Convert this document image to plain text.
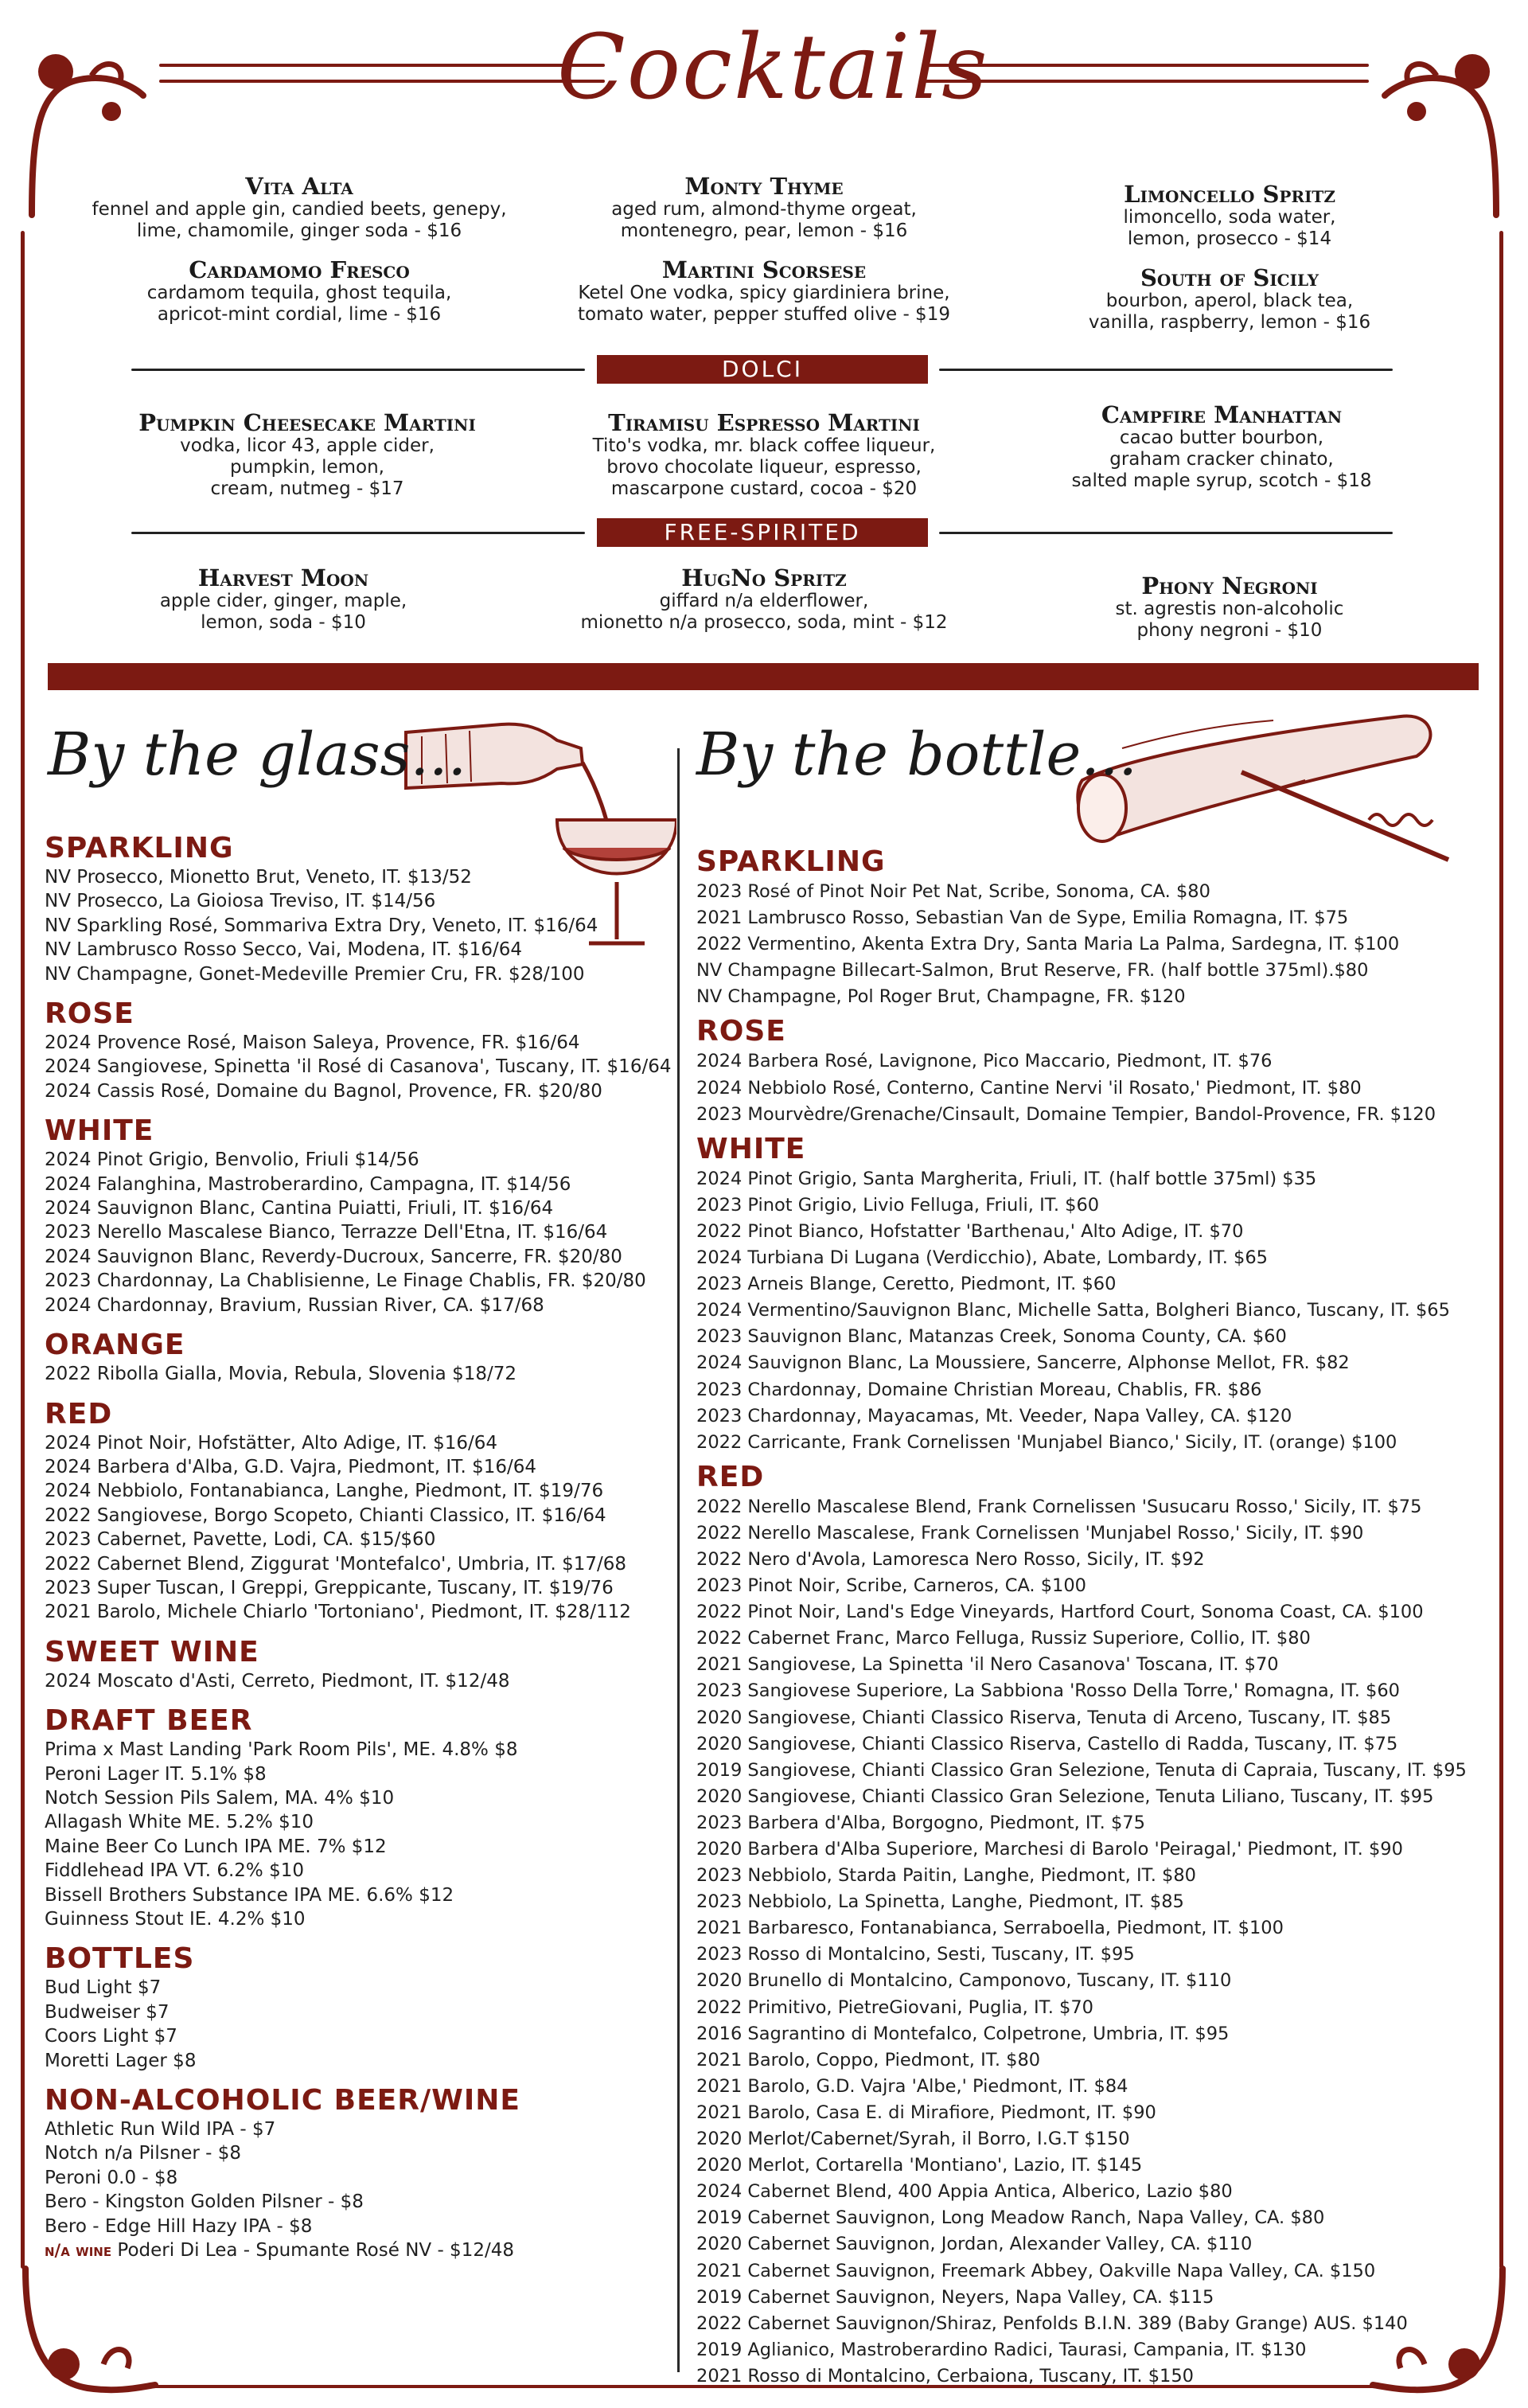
Cocktails
Vita Alta
fennel and apple gin, candied beets, genepy,
lime, chamomile, ginger soda - $16
Monty Thyme
aged rum, almond-thyme orgeat,
montenegro, pear, lemon - $16
Limoncello Spritz
limoncello, soda water,
lemon, prosecco - $14
Cardamomo Fresco
cardamom tequila, ghost tequila,
apricot-mint cordial, lime - $16
Martini Scorsese
Ketel One vodka, spicy giardiniera brine,
tomato water, pepper stuffed olive - $19
South of Sicily
bourbon, aperol, black tea,
vanilla, raspberry, lemon - $16
DOLCI
Pumpkin Cheesecake Martini
vodka, licor 43, apple cider,
pumpkin, lemon,
cream, nutmeg - $17
Tiramisu Espresso Martini
Tito's vodka, mr. black coffee liqueur,
brovo chocolate liqueur, espresso,
mascarpone custard, cocoa - $20
Campfire Manhattan
cacao butter bourbon,
graham cracker chinato,
salted maple syrup, scotch - $18
FREE-SPIRITED
Harvest Moon
apple cider, ginger, maple,
lemon, soda - $10
HugNo Spritz
giffard n/a elderflower,
mionetto n/a prosecco, soda, mint - $12
Phony Negroni
st. agrestis non-alcoholic
phony negroni - $10
By the glass...
SPARKLING
NV Prosecco, Mionetto Brut, Veneto, IT. $13/52
NV Prosecco, La Gioiosa Treviso, IT. $14/56
NV Sparkling Rosé, Sommariva Extra Dry, Veneto, IT. $16/64
NV Lambrusco Rosso Secco, Vai, Modena, IT. $16/64
NV Champagne, Gonet-Medeville Premier Cru, FR. $28/100
ROSE
2024 Provence Rosé, Maison Saleya, Provence, FR. $16/64
2024 Sangiovese, Spinetta 'il Rosé di Casanova', Tuscany, IT. $16/64
2024 Cassis Rosé, Domaine du Bagnol, Provence, FR. $20/80
WHITE
2024 Pinot Grigio, Benvolio, Friuli $14/56
2024 Falanghina, Mastroberardino, Campagna, IT. $14/56
2024 Sauvignon Blanc, Cantina Puiatti, Friuli, IT. $16/64
2023 Nerello Mascalese Bianco, Terrazze Dell'Etna, IT. $16/64
2024 Sauvignon Blanc, Reverdy-Ducroux, Sancerre, FR. $20/80
2023 Chardonnay, La Chablisienne, Le Finage Chablis, FR. $20/80
2024 Chardonnay, Bravium, Russian River, CA. $17/68
ORANGE
2022 Ribolla Gialla, Movia, Rebula, Slovenia $18/72
RED
2024 Pinot Noir, Hofstätter, Alto Adige, IT. $16/64
2024 Barbera d'Alba, G.D. Vajra, Piedmont, IT. $16/64
2024 Nebbiolo, Fontanabianca, Langhe, Piedmont, IT. $19/76
2022 Sangiovese, Borgo Scopeto, Chianti Classico, IT. $16/64
2023 Cabernet, Pavette, Lodi, CA. $15/$60
2022 Cabernet Blend, Ziggurat 'Montefalco', Umbria, IT. $17/68
2023 Super Tuscan, I Greppi, Greppicante, Tuscany, IT. $19/76
2021 Barolo, Michele Chiarlo 'Tortoniano', Piedmont, IT. $28/112
SWEET WINE
2024 Moscato d'Asti, Cerreto, Piedmont, IT. $12/48
DRAFT BEER
Prima x Mast Landing 'Park Room Pils', ME. 4.8% $8
Peroni Lager IT. 5.1% $8
Notch Session Pils Salem, MA. 4% $10
Allagash White ME. 5.2% $10
Maine Beer Co Lunch IPA ME. 7% $12
Fiddlehead IPA VT. 6.2% $10
Bissell Brothers Substance IPA ME. 6.6% $12
Guinness Stout IE. 4.2% $10
BOTTLES
Bud Light $7
Budweiser $7
Coors Light $7
Moretti Lager $8
NON-ALCOHOLIC BEER/WINE
Athletic Run Wild IPA - $7
Notch n/a Pilsner - $8
Peroni 0.0 - $8
Bero - Kingston Golden Pilsner - $8
Bero - Edge Hill Hazy IPA - $8
n/a wine Poderi Di Lea - Spumante Rosé NV - $12/48
By the bottle...
SPARKLING
2023 Rosé of Pinot Noir Pet Nat, Scribe, Sonoma, CA. $80
2021 Lambrusco Rosso, Sebastian Van de Sype, Emilia Romagna, IT. $75
2022 Vermentino, Akenta Extra Dry, Santa Maria La Palma, Sardegna, IT. $100
NV Champagne Billecart-Salmon, Brut Reserve, FR. (half bottle 375ml).$80
NV Champagne, Pol Roger Brut, Champagne, FR. $120
ROSE
2024 Barbera Rosé, Lavignone, Pico Maccario, Piedmont, IT. $76
2024 Nebbiolo Rosé, Conterno, Cantine Nervi 'il Rosato,' Piedmont, IT. $80
2023 Mourvèdre/Grenache/Cinsault, Domaine Tempier, Bandol-Provence, FR. $120
WHITE
2024 Pinot Grigio, Santa Margherita, Friuli, IT. (half bottle 375ml) $35
2023 Pinot Grigio, Livio Felluga, Friuli, IT. $60
2022 Pinot Bianco, Hofstatter 'Barthenau,' Alto Adige, IT. $70
2024 Turbiana Di Lugana (Verdicchio), Abate, Lombardy, IT. $65
2023 Arneis Blange, Ceretto, Piedmont, IT. $60
2024 Vermentino/Sauvignon Blanc, Michelle Satta, Bolgheri Bianco, Tuscany, IT. $65
2023 Sauvignon Blanc, Matanzas Creek, Sonoma County, CA. $60
2024 Sauvignon Blanc, La Moussiere, Sancerre, Alphonse Mellot, FR. $82
2023 Chardonnay, Domaine Christian Moreau, Chablis, FR. $86
2023 Chardonnay, Mayacamas, Mt. Veeder, Napa Valley, CA. $120
2022 Carricante, Frank Cornelissen 'Munjabel Bianco,' Sicily, IT. (orange) $100
RED
2022 Nerello Mascalese Blend, Frank Cornelissen 'Susucaru Rosso,' Sicily, IT. $75
2022 Nerello Mascalese, Frank Cornelissen 'Munjabel Rosso,' Sicily, IT. $90
2022 Nero d'Avola, Lamoresca Nero Rosso, Sicily, IT. $92
2023 Pinot Noir, Scribe, Carneros, CA. $100
2022 Pinot Noir, Land's Edge Vineyards, Hartford Court, Sonoma Coast, CA. $100
2022 Cabernet Franc, Marco Felluga, Russiz Superiore, Collio, IT. $80
2021 Sangiovese, La Spinetta 'il Nero Casanova' Toscana, IT. $70
2023 Sangiovese Superiore, La Sabbiona 'Rosso Della Torre,' Romagna, IT. $60
2020 Sangiovese, Chianti Classico Riserva, Tenuta di Arceno, Tuscany, IT. $85
2020 Sangiovese, Chianti Classico Riserva, Castello di Radda, Tuscany, IT. $75
2019 Sangiovese, Chianti Classico Gran Selezione, Tenuta di Capraia, Tuscany, IT. $95
2020 Sangiovese, Chianti Classico Gran Selezione, Tenuta Liliano, Tuscany, IT. $95
2023 Barbera d'Alba, Borgogno, Piedmont, IT. $75
2020 Barbera d'Alba Superiore, Marchesi di Barolo 'Peiragal,' Piedmont, IT. $90
2023 Nebbiolo, Starda Paitin, Langhe, Piedmont, IT. $80
2023 Nebbiolo, La Spinetta, Langhe, Piedmont, IT. $85
2021 Barbaresco, Fontanabianca, Serraboella, Piedmont, IT. $100
2023 Rosso di Montalcino, Sesti, Tuscany, IT. $95
2020 Brunello di Montalcino, Camponovo, Tuscany, IT. $110
2022 Primitivo, PietreGiovani, Puglia, IT. $70
2016 Sagrantino di Montefalco, Colpetrone, Umbria, IT. $95
2021 Barolo, Coppo, Piedmont, IT. $80
2021 Barolo, G.D. Vajra 'Albe,' Piedmont, IT. $84
2021 Barolo, Casa E. di Mirafiore, Piedmont, IT. $90
2020 Merlot/Cabernet/Syrah, il Borro, I.G.T $150
2020 Merlot, Cortarella 'Montiano', Lazio, IT. $145
2024 Cabernet Blend, 400 Appia Antica, Alberico, Lazio $80
2019 Cabernet Sauvignon, Long Meadow Ranch, Napa Valley, CA. $80
2020 Cabernet Sauvignon, Jordan, Alexander Valley, CA. $110
2021 Cabernet Sauvignon, Freemark Abbey, Oakville Napa Valley, CA. $150
2019 Cabernet Sauvignon, Neyers, Napa Valley, CA. $115
2022 Cabernet Sauvignon/Shiraz, Penfolds B.I.N. 389 (Baby Grange) AUS. $140
2019 Aglianico, Mastroberardino Radici, Taurasi, Campania, IT. $130
2021 Rosso di Montalcino, Cerbaiona, Tuscany, IT. $150
